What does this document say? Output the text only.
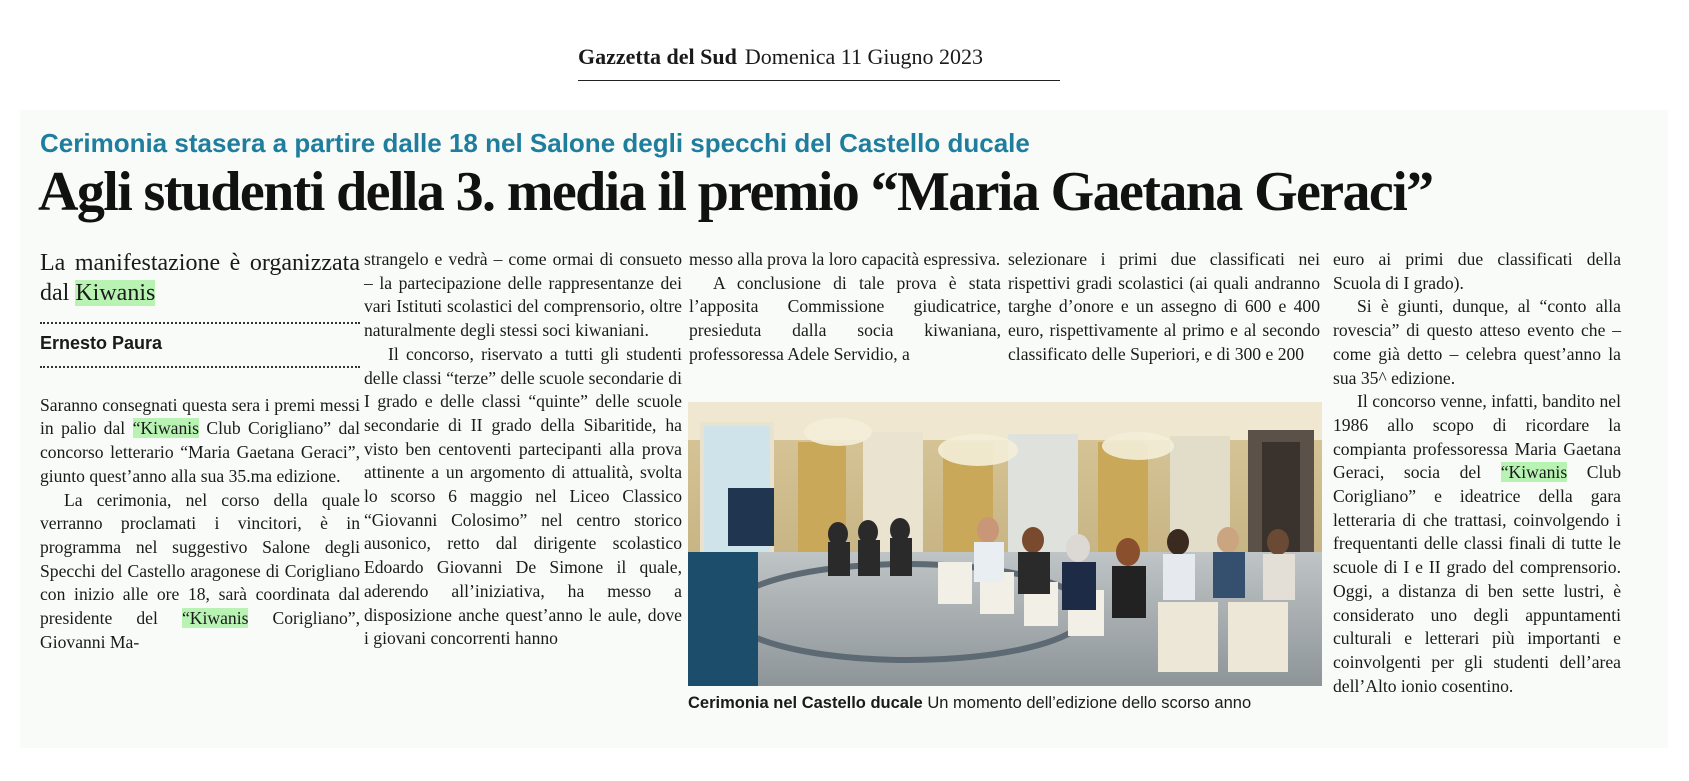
Gazzetta del Sud Domenica 11 Giugno 2023
Cerimonia stasera a partire dalle 18 nel Salone degli specchi del Castello ducale
Agli studenti della 3. media il premio “Maria Gaetana Geraci”
La manifestazione è organizzata dal Kiwanis
Ernesto Paura

Saranno consegnati questa sera i premi messi in palio dal “Kiwanis Club Corigliano” dal concorso letterario “Maria Gaetana Geraci”, giunto quest’anno alla sua 35.ma edizione.

La cerimonia, nel corso della quale verranno proclamati i vincitori, è in programma nel suggestivo Salone degli Specchi del Castello aragonese di Corigliano con inizio alle ore 18, sarà coordinata dal presidente del “Kiwanis Corigliano”, Giovanni Ma-

strangelo e vedrà – come ormai di consueto – la partecipazione delle rappresentanze dei vari Istituti scolastici del comprensorio, oltre naturalmente degli stessi soci kiwaniani.

Il concorso, riservato a tutti gli studenti delle classi “terze” delle scuole secondarie di I grado e delle classi “quinte” delle scuole secondarie di II grado della Sibaritide, ha visto ben centoventi partecipanti alla prova attinente a un argomento di attualità, svolta lo scorso 6 maggio nel Liceo Classico “Giovanni Colosimo” nel centro storico ausonico, retto dal dirigente scolastico Edoardo Giovanni De Simone il quale, aderendo all’iniziativa, ha messo a disposizione anche quest’anno le aule, dove i giovani concorrenti hanno

messo alla prova la loro capacità espressiva.

A conclusione di tale prova è stata l’apposita Commissione giudicatrice, presieduta dalla socia kiwaniana, professoressa Adele Servidio, a

selezionare i primi due classificati nei rispettivi gradi scolastici (ai quali andranno targhe d’onore e un assegno di 600 e 400 euro, rispettivamente al primo e al secondo classificato delle Superiori, e di 300 e 200

euro ai primi due classificati della Scuola di I grado).

Si è giunti, dunque, al “conto alla rovescia” di questo atteso evento che – come già detto – celebra quest’anno la sua 35^ edizione.

Il concorso venne, infatti, bandito nel 1986 allo scopo di ricordare la compianta professoressa Maria Gaetana Geraci, socia del “Kiwanis Club Corigliano” e ideatrice della gara letteraria di che trattasi, coinvolgendo i frequentanti delle classi finali di tutte le scuole di I e II grado del comprensorio. Oggi, a distanza di ben sette lustri, è considerato uno degli appuntamenti culturali e letterari più importanti e coinvolgenti per gli studenti dell’area dell’Alto ionio cosentino.

Cerimonia nel Castello ducale Un momento dell’edizione dello scorso anno
